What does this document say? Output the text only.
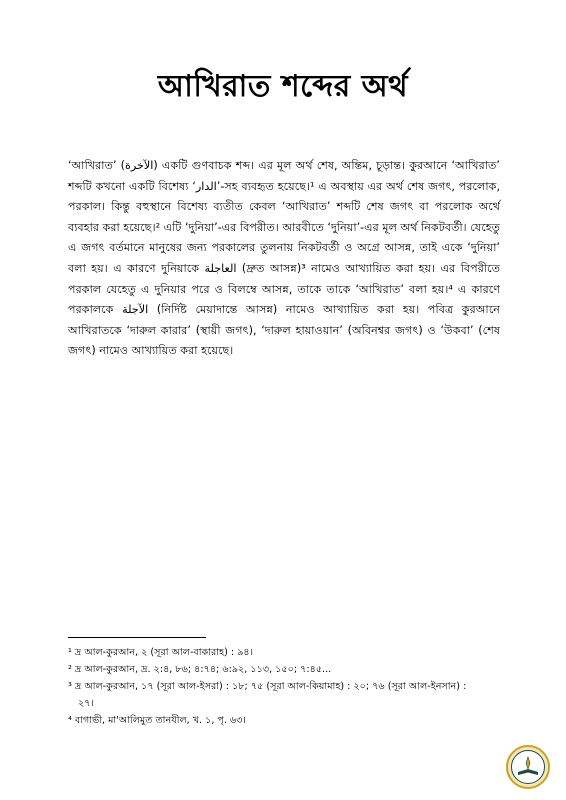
আখিরাত শব্দের অর্থ

‘আখিরাত’ (الآخرة) একটি গুণবাচক শব্দ। এর মূল অর্থ শেষ, অন্তিম, চূড়ান্ত। কুরআনে ‘আখিরাত’ শব্দটি কখনো একটি বিশেষ্য ‘الدار’-সহ ব্যবহৃত হয়েছে।¹ এ অবস্থায় এর অর্থ শেষ জগৎ, পরলোক, পরকাল। কিন্তু বহুস্থানে বিশেষ্য ব্যতীত কেবল ‘আখিরাত’ শব্দটি শেষ জগৎ বা পরলোক অর্থে ব্যবহার করা হয়েছে।² এটি ‘দুনিয়া’-এর বিপরীত। আরবীতে ‘দুনিয়া’-এর মূল অর্থ নিকটবর্তী। যেহেতু এ জগৎ বর্তমানে মানুষের জন্য পরকালের তুলনায় নিকটবর্তী ও অগ্রে আসন্ন, তাই একে ‘দুনিয়া’ বলা হয়। এ কারণে দুনিয়াকে العاجلة (দ্রুত আসন্ন)³ নামেও আখ্যায়িত করা হয়। এর বিপরীতে পরকাল যেহেতু এ দুনিয়ার পরে ও বিলম্বে আসন্ন, তাকে তাকে ‘আখিরাত’ বলা হয়।⁴ এ কারণে পরকালকে الآجلة (নির্দিষ্ট মেয়াদান্তে আসন্ন) নামেও আখ্যায়িত করা হয়। পবিত্র কুরআনে আখিরাতকে ‘দারুল কারার’ (স্থায়ী জগৎ), ‘দারুল হায়াওয়ান’ (অবিনশ্বর জগৎ) ও ‘উকবা’ (শেষ জগৎ) নামেও আখ্যায়িত করা হয়েছে।

¹ দ্র আল-কুরআন, ২ (সূরা আল-বাকারাহ) : ৯৪।

² দ্র আল-কুরআন, দ্র. ২:৪, ৮৬; ৪:৭৪; ৬:৯২, ১১৩, ১৫০; ৭:৪৫...

³ দ্র আল-কুরআন, ১৭ (সূরা আল-ইসরা) : ১৮; ৭৫ (সূরা আল-কিয়ামাহ) : ২০; ৭৬ (সূরা আল-ইনসান) :

২৭।

⁴ বাগাভী, মা'আলিমুত তানযীল, খ. ১, পৃ. ৬৩।
